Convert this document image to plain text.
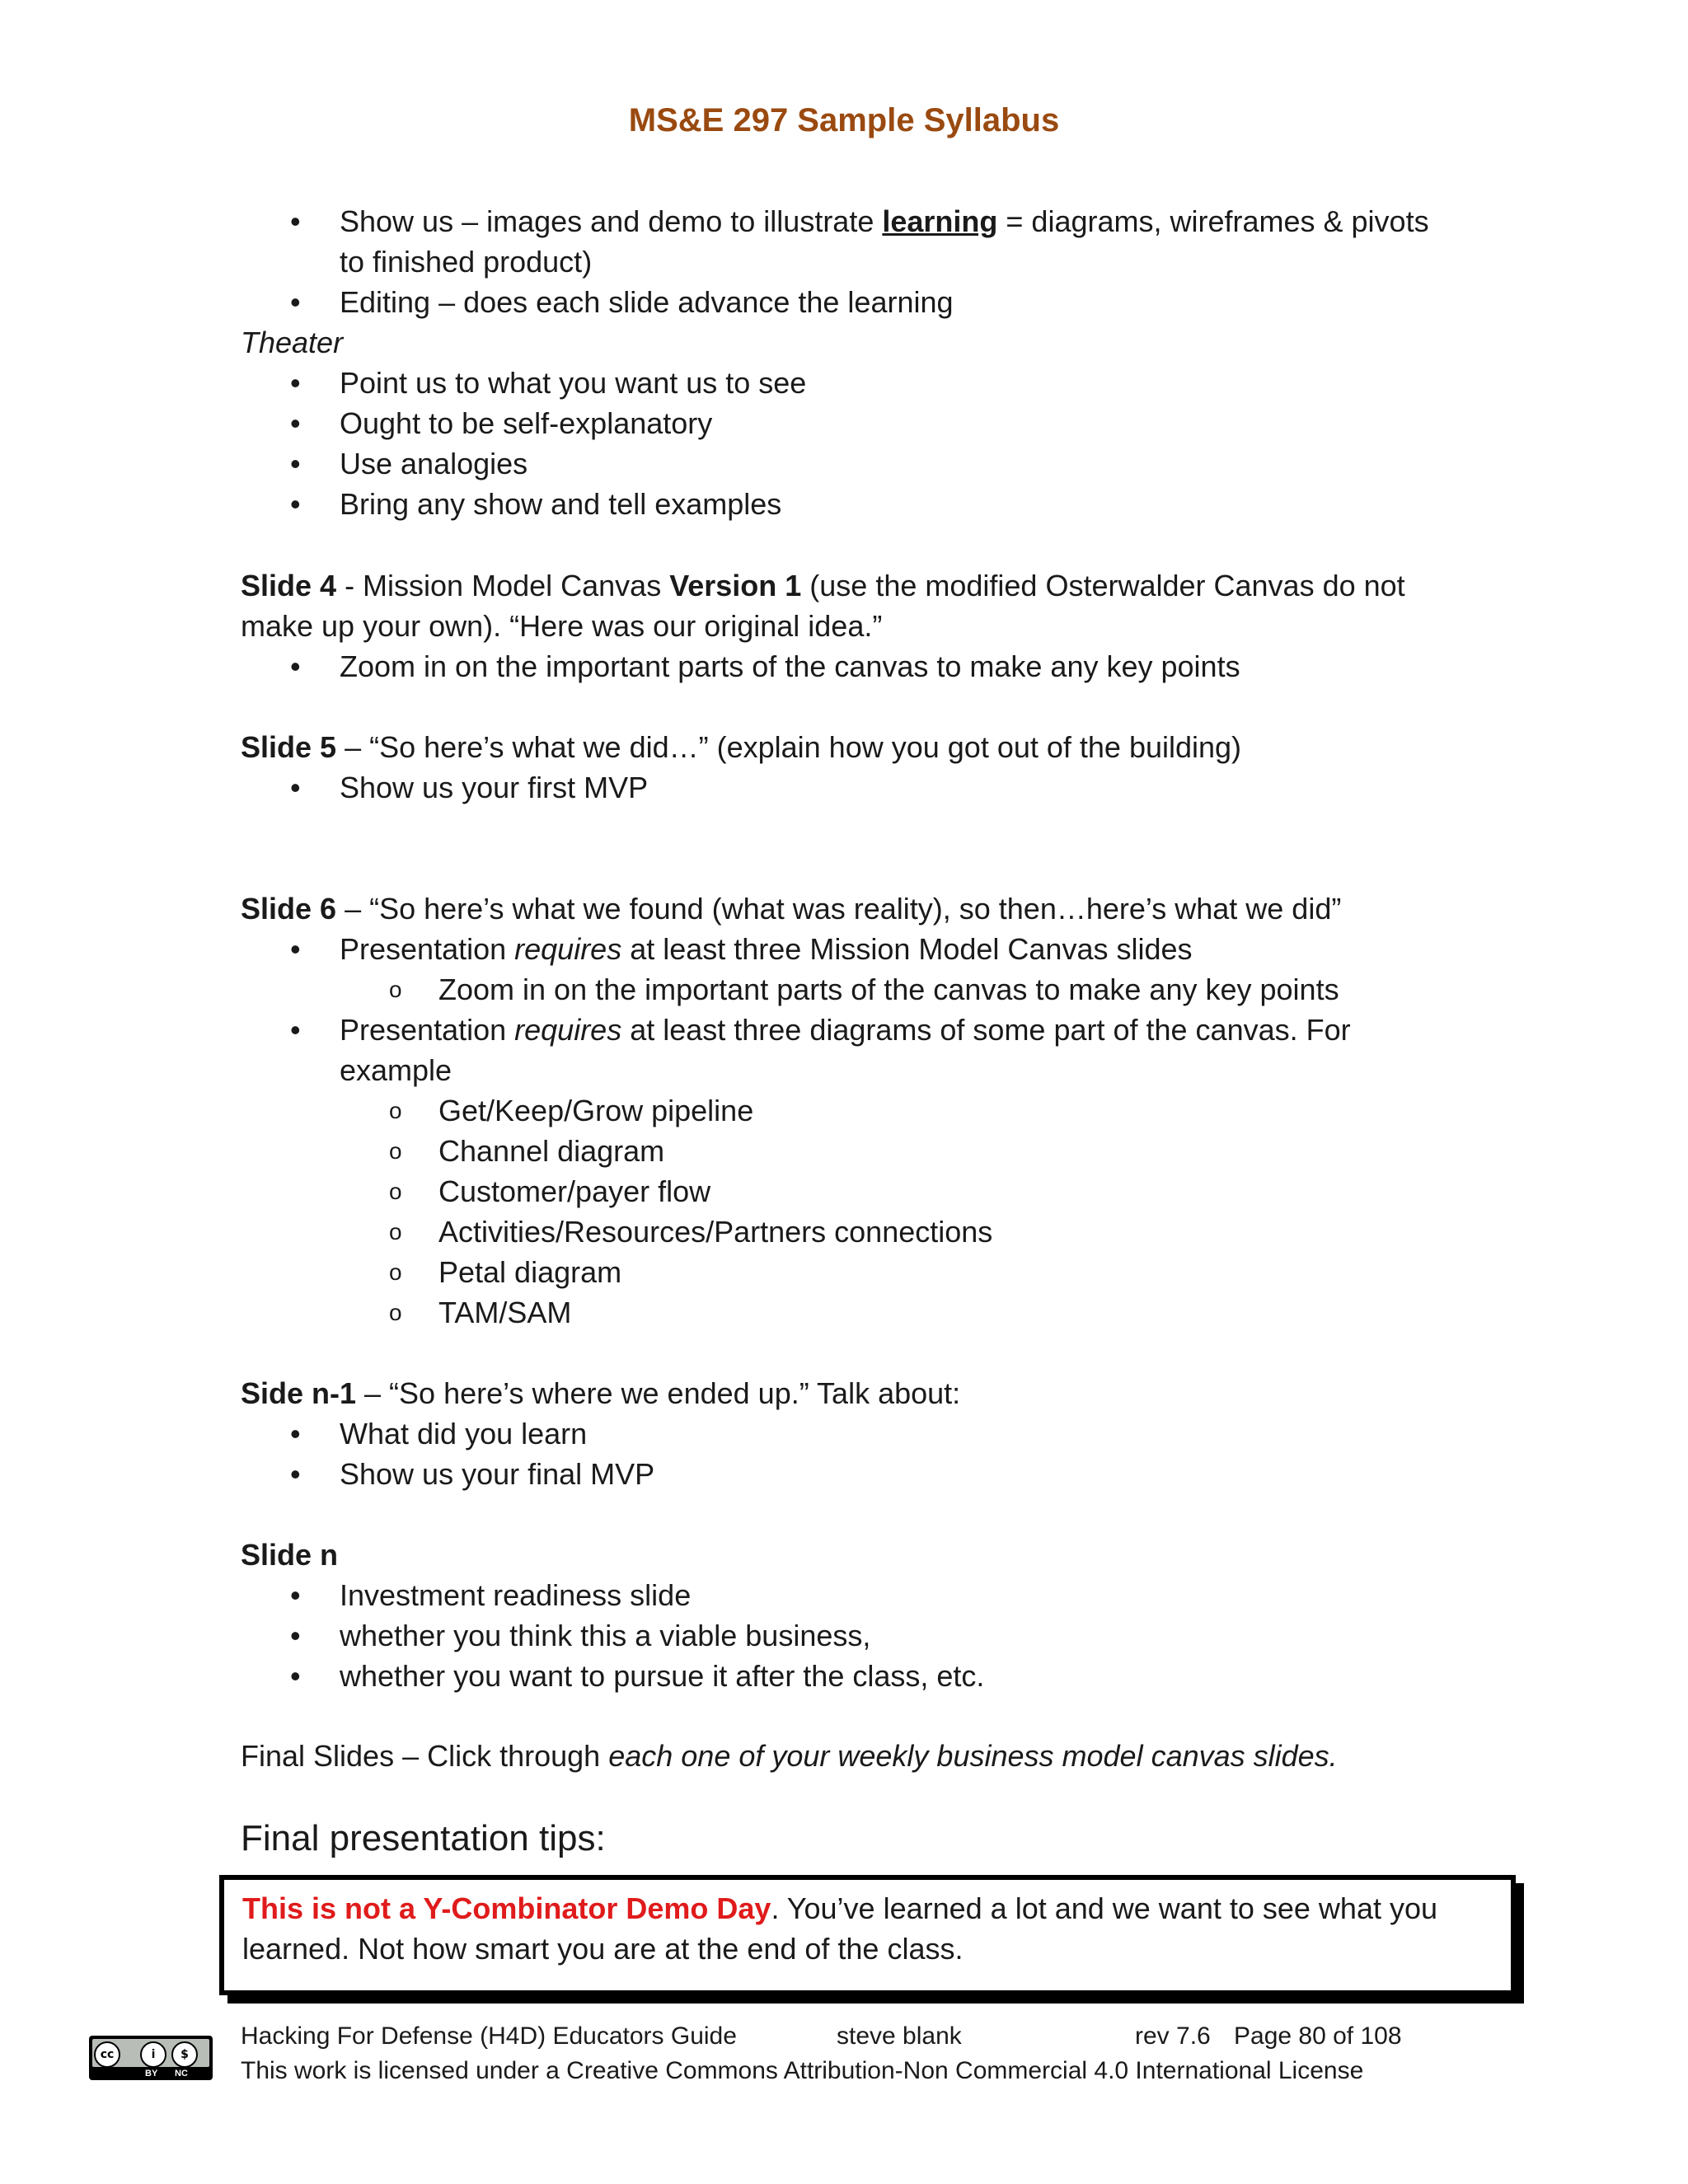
MS&E 297 Sample Syllabus
•
Show us – images and demo to illustrate learning = diagrams, wireframes & pivots
to finished product)
•
Editing – does each slide advance the learning
Theater
•
Point us to what you want us to see
•
Ought to be self-explanatory
•
Use analogies
•
Bring any show and tell examples
Slide 4 - Mission Model Canvas Version 1 (use the modified Osterwalder Canvas do not
make up your own). “Here was our original idea.”
•
Zoom in on the important parts of the canvas to make any key points
Slide 5 – “So here’s what we did…” (explain how you got out of the building)
•
Show us your first MVP
Slide 6 – “So here’s what we found (what was reality), so then…here’s what we did”
•
Presentation requires at least three Mission Model Canvas slides
o
Zoom in on the important parts of the canvas to make any key points
•
Presentation requires at least three diagrams of some part of the canvas. For
example
o
Get/Keep/Grow pipeline
o
Channel diagram
o
Customer/payer flow
o
Activities/Resources/Partners connections
o
Petal diagram
o
TAM/SAM
Side n-1 – “So here’s where we ended up.” Talk about:
•
What did you learn
•
Show us your final MVP
Slide n
•
Investment readiness slide
•
whether you think this a viable business,
•
whether you want to pursue it after the class, etc.
Final Slides – Click through each one of your weekly business model canvas slides.
Final presentation tips:
This is not a Y-Combinator Demo Day. You’ve learned a lot and we want to see what you
learned. Not how smart you are at the end of the class.
cc	i	$
BY NC
Hacking For Defense (H4D) Educators Guide	steve blank	rev 7.6 Page 80 of 108
This work is licensed under a Creative Commons Attribution-Non Commercial 4.0 International License
